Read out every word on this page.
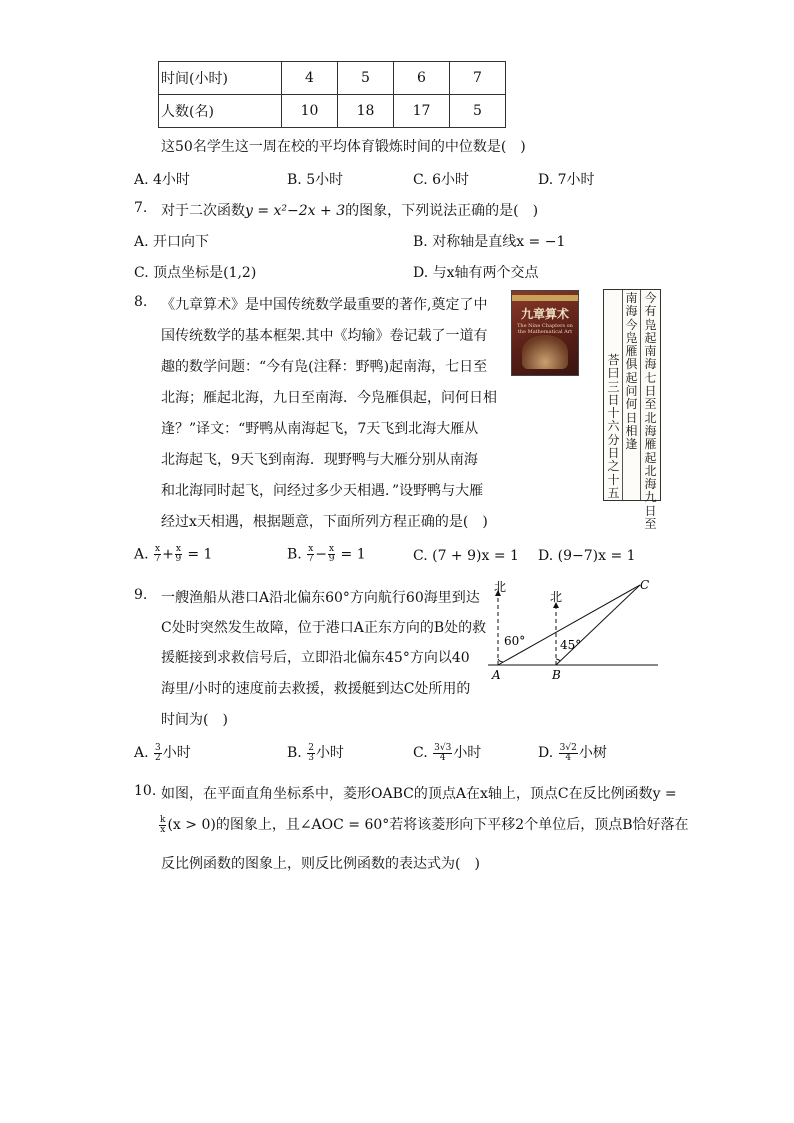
时间(小时)	4	5	6	7
人数(名)	10	18	17	5
这50名学生这一周在校的平均体育锻炼时间的中位数是(　)
A. 4小时	B. 5小时	C. 6小时	D. 7小时
7. 对于二次函数y = x²−2x + 3的图象，下列说法正确的是(　)
A. 开口向下	B. 对称轴是直线x = −1
C. 顶点坐标是(1,2)	D. 与x轴有两个交点
8. 《九章算术》是中国传统数学最重要的著作,奠定了中
国传统数学的基本框架.其中《均输》卷记载了一道有
趣的数学问题：“今有凫(注释：野鸭)起南海，七日至
北海；雁起北海，九日至南海．今凫雁俱起，问何日相
逢？”译文：“野鸭从南海起飞，7天飞到北海大雁从
北海起飞，9天飞到南海．现野鸭与大雁分别从南海
和北海同时起飞，问经过多少天相遇．”设野鸭与大雁
经过x天相遇，根据题意，下面所列方程正确的是(　)
九章算术
The Nine Chapters on the Mathematical Art
今有凫起南海七日至北海雁起北海九日至
南海今凫雁俱起问何日相逢
荅曰三日十六分日之十五
A. $\frac{x}{7} + \frac{x}{9} = 1$	B. $\frac{x}{7} - \frac{x}{9} = 1$	C. (7 + 9)x = 1 D. (9−7)x = 1
9. 一艘渔船从港口A沿北偏东60°方向航行60海里到达
C处时突然发生故障，位于港口A正东方向的B处的救
援艇接到求救信号后，立即沿北偏东45°方向以40
海里/小时的速度前去救援，救援艇到达C处所用的
时间为(　)
北
北
60°	45°
A	B
C
A. $\frac{3}{2}$ 小时	B. $\frac{2}{3}$ 小时	C. $\frac{3√3}{4}$ 小时	D. $\frac{3√2}{4}$ 小树
10. 如图，在平面直角坐标系中，菱形OABC的顶点A在x轴上，顶点C在反比例函数y =
$\frac{k}{x} (x > 0)$的图象上，且∠AOC = 60°若将该菱形向下平移2个单位后，顶点B恰好落在
反比例函数的图象上，则反比例函数的表达式为(　)
